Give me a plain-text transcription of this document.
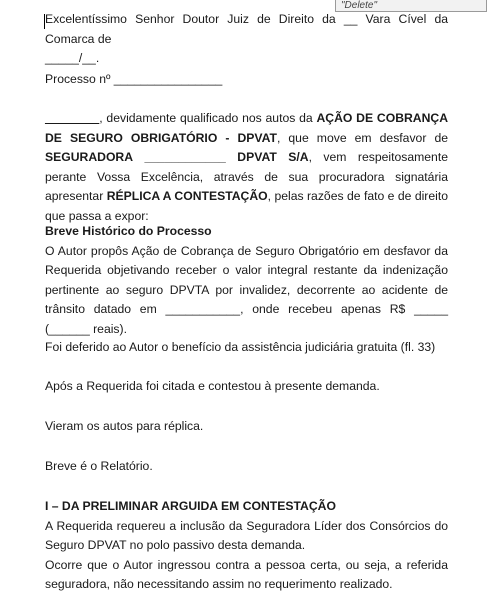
"Delete"

Excelentíssimo Senhor Doutor Juiz de Direito da __ Vara Cível da Comarca de
_____/__.

Processo nº ________________

________, devidamente qualificado nos autos da AÇÃO DE COBRANÇA DE SEGURO OBRIGATÓRIO - DPVAT, que move em desfavor de SEGURADORA ____________ DPVAT S/A, vem respeitosamente perante Vossa Excelência, através de sua procuradora signatária apresentar RÉPLICA A CONTESTAÇÃO, pelas razões de fato e de direito que passa a expor:

Breve Histórico do Processo
O Autor propôs Ação de Cobrança de Seguro Obrigatório em desfavor da Requerida objetivando receber o valor integral restante da indenização pertinente ao seguro DPVTA por invalidez, decorrente ao acidente de trânsito datado em ___________, onde recebeu apenas R$ _____ (______ reais).

Foi deferido ao Autor o benefício da assistência judiciária gratuita (fl. 33)

Após a Requerida foi citada e contestou à presente demanda.

Vieram os autos para réplica.

Breve é o Relatório.

I – DA PRELIMINAR ARGUIDA EM CONTESTAÇÃO
A Requerida requereu a inclusão da Seguradora Líder dos Consórcios do Seguro DPVAT no polo passivo desta demanda.
Ocorre que o Autor ingressou contra a pessoa certa, ou seja, a referida seguradora, não necessitando assim no requerimento realizado.
